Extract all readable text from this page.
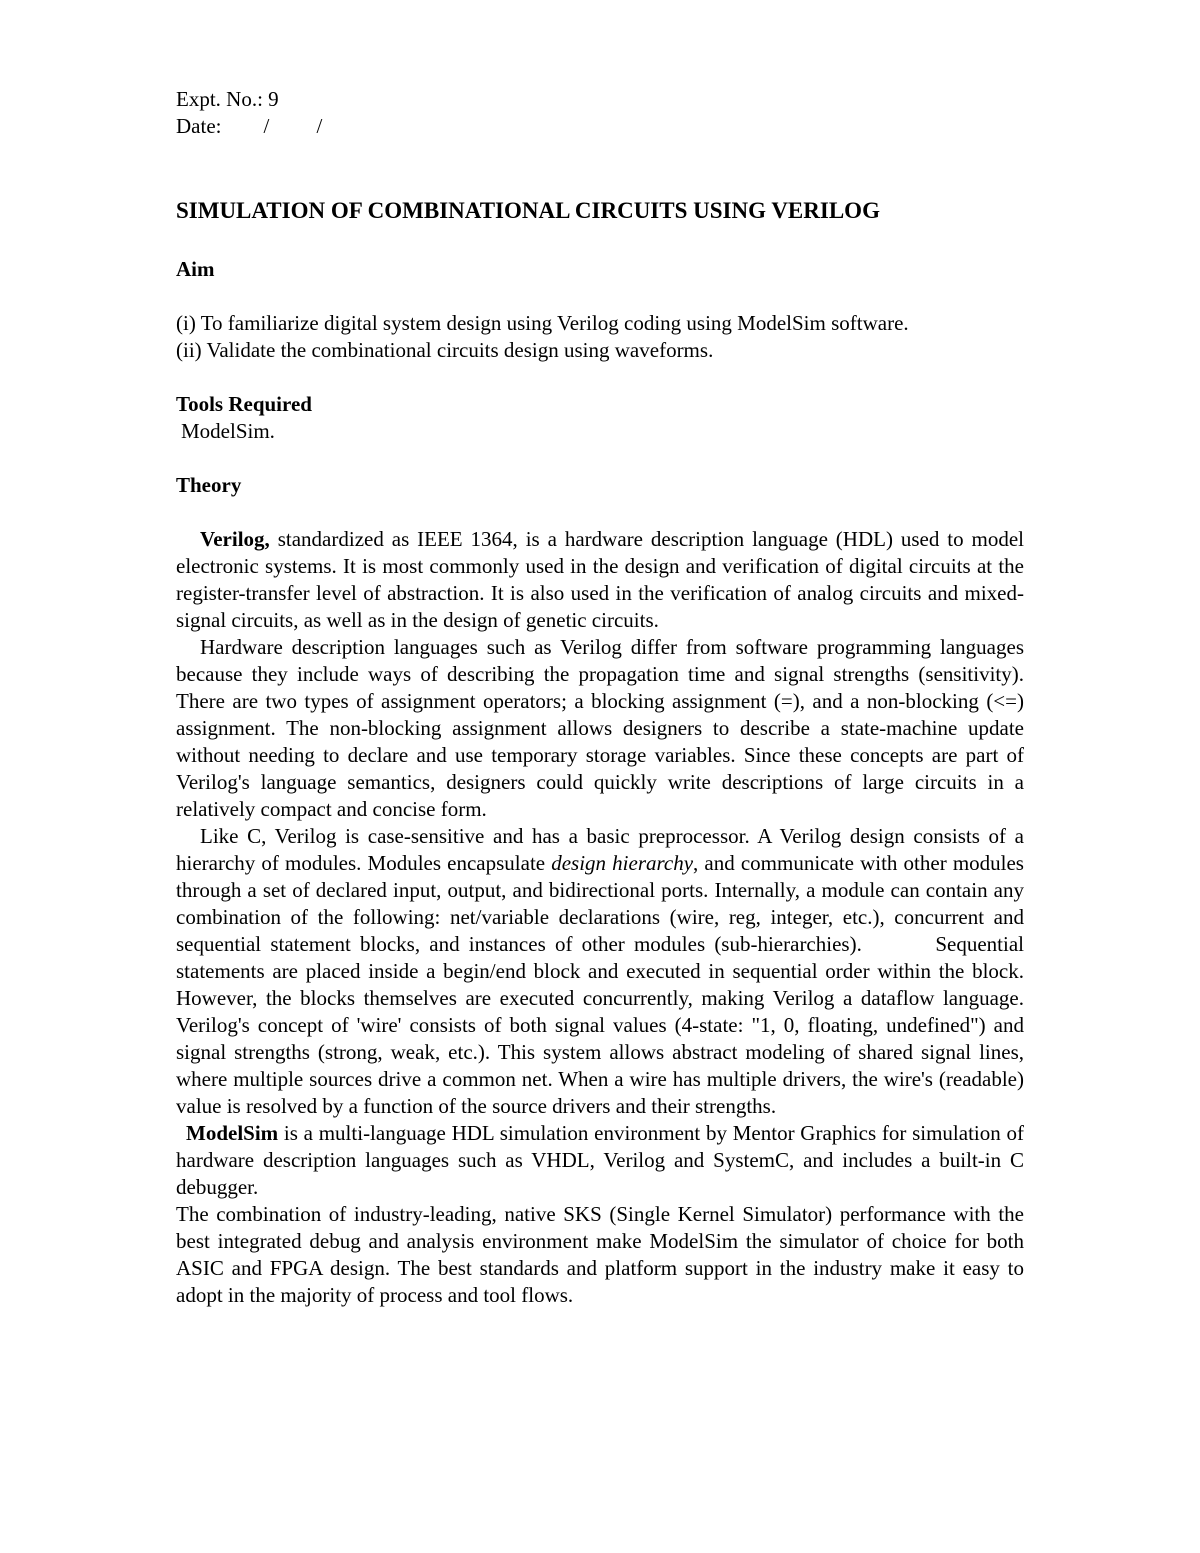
Expt. No.: 9

Date:        /         /

SIMULATION OF COMBINATIONAL CIRCUITS USING VERILOG
Aim

(i) To familiarize digital system design using Verilog coding using ModelSim software.

(ii) Validate the combinational circuits design using waveforms.

Tools Required

ModelSim.

Theory

Verilog, standardized as IEEE 1364, is a hardware description language (HDL) used to model electronic systems. It is most commonly used in the design and verification of digital circuits at the register-transfer level of abstraction. It is also used in the verification of analog circuits and mixed-signal circuits, as well as in the design of genetic circuits.

Hardware description languages such as Verilog differ from software programming languages because they include ways of describing the propagation time and signal strengths (sensitivity). There are two types of assignment operators; a blocking assignment (=), and a non-blocking (<=) assignment. The non-blocking assignment allows designers to describe a state-machine update without needing to declare and use temporary storage variables. Since these concepts are part of Verilog's language semantics, designers could quickly write descriptions of large circuits in a relatively compact and concise form.

Like C, Verilog is case-sensitive and has a basic preprocessor. A Verilog design consists of a hierarchy of modules. Modules encapsulate design hierarchy, and communicate with other modules through a set of declared input, output, and bidirectional ports. Internally, a module can contain any combination of the following: net/variable declarations (wire, reg, integer, etc.), concurrent and sequential statement blocks, and instances of other modules (sub-hierarchies).        Sequential statements are placed inside a begin/end block and executed in sequential order within the block. However, the blocks themselves are executed concurrently, making Verilog a dataflow language. Verilog's concept of 'wire' consists of both signal values (4-state: "1, 0, floating, undefined") and signal strengths (strong, weak, etc.). This system allows abstract modeling of shared signal lines, where multiple sources drive a common net. When a wire has multiple drivers, the wire's (readable) value is resolved by a function of the source drivers and their strengths.

ModelSim is a multi-language HDL simulation environment by Mentor Graphics for simulation of hardware description languages such as VHDL, Verilog and SystemC, and includes a built-in C debugger.

The combination of industry-leading, native SKS (Single Kernel Simulator) performance with the best integrated debug and analysis environment make ModelSim the simulator of choice for both ASIC and FPGA design. The best standards and platform support in the industry make it easy to adopt in the majority of process and tool flows.
